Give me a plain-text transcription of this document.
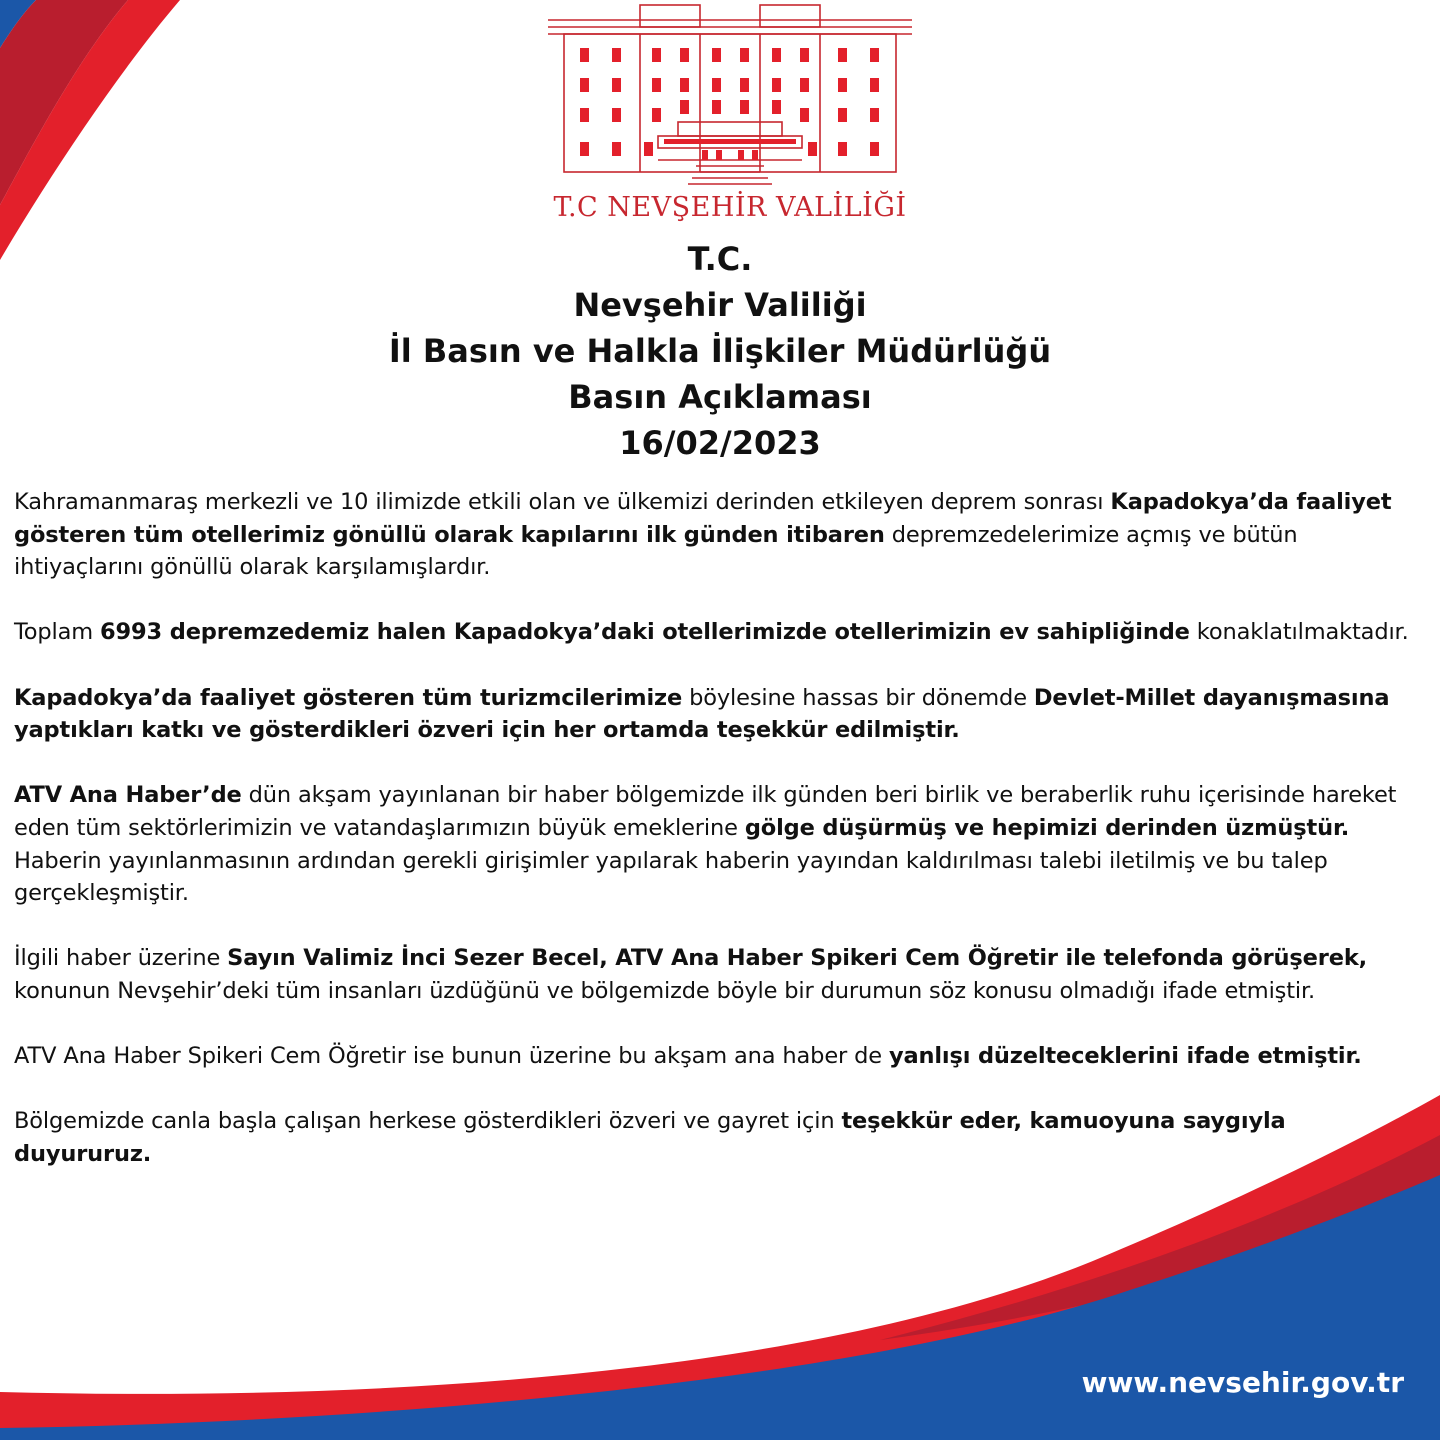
T.C NEVŞEHİR VALİLİĞİ
T.C.
Nevşehir Valiliği
İl Basın ve Halkla İlişkiler Müdürlüğü
Basın Açıklaması
16/02/2023

Kahramanmaraş merkezli ve 10 ilimizde etkili olan ve ülkemizi derinden etkileyen deprem sonrası Kapadokya’da faaliyet gösteren tüm otellerimiz gönüllü olarak kapılarını ilk günden itibaren depremzedelerimize açmış ve bütün ihtiyaçlarını gönüllü olarak karşılamışlardır.

Toplam 6993 depremzedemiz halen Kapadokya’daki otellerimizde otellerimizin ev sahipliğinde konaklatılmaktadır.

Kapadokya’da faaliyet gösteren tüm turizmcilerimize böylesine hassas bir dönemde Devlet-Millet dayanışmasına yaptıkları katkı ve gösterdikleri özveri için her ortamda teşekkür edilmiştir.

ATV Ana Haber’de dün akşam yayınlanan bir haber bölgemizde ilk günden beri birlik ve beraberlik ruhu içerisinde hareket eden tüm sektörlerimizin ve vatandaşlarımızın büyük emeklerine gölge düşürmüş ve hepimizi derinden üzmüştür. Haberin yayınlanmasının ardından gerekli girişimler yapılarak haberin yayından kaldırılması talebi iletilmiş ve bu talep gerçekleşmiştir.

İlgili haber üzerine Sayın Valimiz İnci Sezer Becel, ATV Ana Haber Spikeri Cem Öğretir ile telefonda görüşerek, konunun Nevşehir’deki tüm insanları üzdüğünü ve bölgemizde böyle bir durumun söz konusu olmadığı ifade etmiştir.

ATV Ana Haber Spikeri Cem Öğretir ise bunun üzerine bu akşam ana haber de yanlışı düzelteceklerini ifade etmiştir.

Bölgemizde canla başla çalışan herkese gösterdikleri özveri ve gayret için teşekkür eder, kamuoyuna saygıyla duyururuz.

www.nevsehir.gov.tr
